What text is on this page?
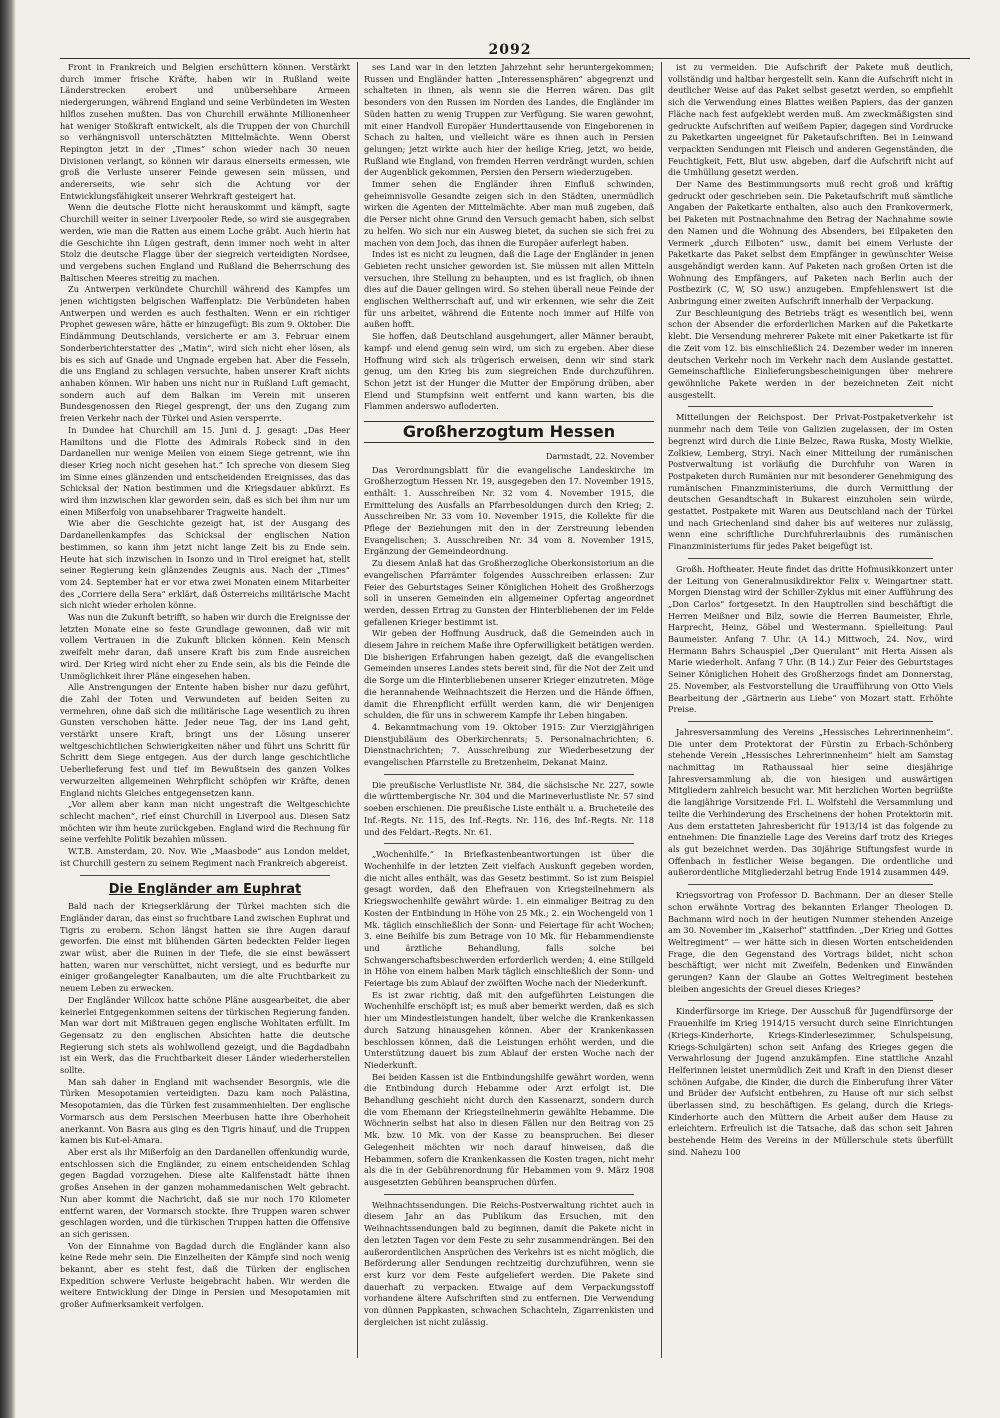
2092

Front in Frankreich und Belgien erschüttern können. Verstärkt durch immer frische Kräfte, haben wir in Rußland weite Länderstrecken erobert und unübersehbare Armeen niedergerungen, während England und seine Verbündeten im Westen hilflos zusehen mußten. Das von Churchill erwähnte Millionenheer hat weniger Stoßkraft entwickelt, als die Truppen der von Churchill so verhängnisvoll unterschätzten Mittelmächte. Wenn Oberst Repington jetzt in der „Times“ schon wieder nach 30 neuen Divisionen verlangt, so können wir daraus einerseits ermessen, wie groß die Verluste unserer Feinde gewesen sein müssen, und andererseits, wie sehr sich die Achtung vor der Entwicklungsfähigkeit unserer Wehrkraft gesteigert hat.

Wenn die deutsche Flotte nicht herauskommt und kämpft, sagte Churchill weiter in seiner Liverpooler Rede, so wird sie ausgegraben werden, wie man die Ratten aus einem Loche gräbt. Auch hierin hat die Geschichte ihn Lügen gestraft, denn immer noch weht in alter Stolz die deutsche Flagge über der siegreich verteidigten Nordsee, und vergebens suchen England und Rußland die Beherrschung des Baltischen Meeres streitig zu machen.

Zu Antwerpen verkündete Churchill während des Kampfes um jenen wichtigsten belgischen Waffenplatz: Die Verbündeten haben Antwerpen und werden es auch festhalten. Wenn er ein richtiger Prophet gewesen wäre, hätte er hinzugefügt: Bis zum 9. Oktober. Die Eindämmung Deutschlands, versicherte er am 3. Februar einem Sonderberichterstatter des „Matin“, wird sich nicht eher lösen, als bis es sich auf Gnade und Ungnade ergeben hat. Aber die Fesseln, die uns England zu schlagen versuchte, haben unserer Kraft nichts anhaben können. Wir haben uns nicht nur in Rußland Luft gemacht, sondern auch auf dem Balkan im Verein mit unseren Bundesgenossen den Riegel gesprengt, der uns den Zugang zum freien Verkehr nach der Türkei und Asien versperrte.

In Dundee hat Churchill am 15. Juni d. J. gesagt: „Das Heer Hamiltons und die Flotte des Admirals Robeck sind in den Dardanellen nur wenige Meilen von einem Siege getrennt, wie ihn dieser Krieg noch nicht gesehen hat.“ Ich spreche von diesem Sieg im Sinne eines glänzenden und entscheidenden Ereignisses, das das Schicksal der Nation bestimmen und die Kriegsdauer abkürzt. Es wird ihm inzwischen klar geworden sein, daß es sich bei ihm nur um einen Mißerfolg von unabsehbarer Tragweite handelt.

Wie aber die Geschichte gezeigt hat, ist der Ausgang des Dardanellenkampfes das Schicksal der englischen Nation bestimmen, so kann ihm jetzt nicht lange Zeit bis zu Ende sein. Heute hat sich inzwischen in Isonzo und in Tirol ereignet hat, stellt seiner Regierung kein glänzendes Zeugnis aus. Nach der „Times“ vom 24. September hat er vor etwa zwei Monaten einem Mitarbeiter des „Corriere della Sera“ erklärt, daß Österreichs militärische Macht sich nicht wieder erholen könne.

Was nun die Zukunft betrifft, so haben wir durch die Ereignisse der letzten Monate eine so feste Grundlage gewonnen, daß wir mit vollem Vertrauen in die Zukunft blicken können. Kein Mensch zweifelt mehr daran, daß unsere Kraft bis zum Ende ausreichen wird. Der Krieg wird nicht eher zu Ende sein, als bis die Feinde die Unmöglichkeit ihrer Pläne eingesehen haben.

Alle Anstrengungen der Entente haben bisher nur dazu geführt, die Zahl der Toten und Verwundeten auf beiden Seiten zu vermehren, ohne daß sich die militärische Lage wesentlich zu ihren Gunsten verschoben hätte. Jeder neue Tag, der ins Land geht, verstärkt unsere Kraft, bringt uns der Lösung unserer weltgeschichtlichen Schwierigkeiten näher und führt uns Schritt für Schritt dem Siege entgegen. Aus der durch lange geschichtliche Ueberlieferung fest und tief im Bewußtsein des ganzen Volkes verwurzelten allgemeinen Wehrpflicht schöpfen wir Kräfte, denen England nichts Gleiches entgegensetzen kann.

„Vor allem aber kann man nicht ungestraft die Weltgeschichte schlecht machen“, rief einst Churchill in Liverpool aus. Diesen Satz möchten wir ihm heute zurückgeben. England wird die Rechnung für seine verfehlte Politik bezahlen müssen.

W.T.B. Amsterdam, 20. Nov. Wie „Maasbode“ aus London meldet, ist Churchill gestern zu seinem Regiment nach Frankreich abgereist.

Die Engländer am Euphrat

Bald nach der Kriegserklärung der Türkei machten sich die Engländer daran, das einst so fruchtbare Land zwischen Euphrat und Tigris zu erobern. Schon längst hatten sie ihre Augen darauf geworfen. Die einst mit blühenden Gärten bedeckten Felder liegen zwar wüst, aber die Ruinen in der Tiefe, die sie einst bewässert hatten, waren nur verschüttet, nicht versiegt, und es bedurfte nur einiger großangelegter Kanalbauten, um die alte Fruchtbarkeit zu neuem Leben zu erwecken.

Der Engländer Willcox hatte schöne Pläne ausgearbeitet, die aber keinerlei Entgegenkommen seitens der türkischen Regierung fanden. Man war dort mit Mißtrauen gegen englische Wohltaten erfüllt. Im Gegensatz zu den englischen Absichten hatte die deutsche Regierung sich stets als wohlwollend gezeigt, und die Bagdadbahn ist ein Werk, das die Fruchtbarkeit dieser Länder wiederherstellen sollte.

Man sah daher in England mit wachsender Besorgnis, wie die Türken Mesopotamien verteidigten. Dazu kam noch Palästina, Mesopotamien, das die Türken fest zusammenhielten. Der englische Vormarsch aus dem Persischen Meerbusen hatte ihre Oberhoheit anerkannt. Von Basra aus ging es den Tigris hinauf, und die Truppen kamen bis Kut-el-Amara.

Aber erst als ihr Mißerfolg an den Dardanellen offenkundig wurde, entschlossen sich die Engländer, zu einem entscheidenden Schlag gegen Bagdad vorzugehen. Diese alte Kalifenstadt hätte ihnen großes Ansehen in der ganzen mohammedanischen Welt gebracht. Nun aber kommt die Nachricht, daß sie nur noch 170 Kilometer entfernt waren, der Vormarsch stockte. Ihre Truppen waren schwer geschlagen worden, und die türkischen Truppen hatten die Offensive an sich gerissen.

Von der Einnahme von Bagdad durch die Engländer kann also keine Rede mehr sein. Die Einzelheiten der Kämpfe sind noch wenig bekannt, aber es steht fest, daß die Türken der englischen Expedition schwere Verluste beigebracht haben. Wir werden die weitere Entwicklung der Dinge in Persien und Mesopotamien mit großer Aufmerksamkeit verfolgen.

ses Land war in den letzten Jahrzehnt sehr heruntergekommen; Russen und Engländer hatten „Interessensphären“ abgegrenzt und schalteten in ihnen, als wenn sie die Herren wären. Das gilt besonders von den Russen im Norden des Landes, die Engländer im Süden hatten zu wenig Truppen zur Verfügung. Sie waren gewohnt, mit einer Handvoll Europäer Hunderttausende von Eingeborenen in Schach zu halten, und vielleicht wäre es ihnen auch in Persien gelungen; jetzt wirkte auch hier der heilige Krieg, jetzt, wo beide, Rußland wie England, von fremden Herren verdrängt wurden, schien der Augenblick gekommen, Persien den Persern wiederzugeben.

Immer sehen die Engländer ihren Einfluß schwinden, geheimnisvolle Gesandte zeigen sich in den Städten, unermüdlich wirken die Agenten der Mittelmächte. Aber man muß zugeben, daß die Perser nicht ohne Grund den Versuch gemacht haben, sich selbst zu helfen. Wo sich nur ein Ausweg bietet, da suchen sie sich frei zu machen von dem Joch, das ihnen die Europäer auferlegt haben.

Indes ist es nicht zu leugnen, daß die Lage der Engländer in jenen Gebieten recht unsicher geworden ist. Sie müssen mit allen Mitteln versuchen, ihre Stellung zu behaupten, und es ist fraglich, ob ihnen dies auf die Dauer gelingen wird. So stehen überall neue Feinde der englischen Weltherrschaft auf, und wir erkennen, wie sehr die Zeit für uns arbeitet, während die Entente noch immer auf Hilfe von außen hofft.

Sie hoffen, daß Deutschland ausgehungert, aller Männer beraubt, kampf- und elend genug sein wird, um sich zu ergeben. Aber diese Hoffnung wird sich als trügerisch erweisen, denn wir sind stark genug, um den Krieg bis zum siegreichen Ende durchzuführen. Schon jetzt ist der Hunger die Mutter der Empörung drüben, aber Elend und Stumpfsinn weit entfernt und kann warten, bis die Flammen anderswo aufloderten.

Großherzogtum Hessen
Darmstadt, 22. November

Das Verordnungsblatt für die evangelische Landeskirche im Großherzogtum Hessen Nr. 19, ausgegeben den 17. November 1915, enthält: 1. Ausschreiben Nr. 32 vom 4. November 1915, die Ermittelung des Ausfalls an Pfarrbesoldungen durch den Krieg; 2. Ausschreiben Nr. 33 vom 10. November 1915, die Kollekte für die Pflege der Beziehungen mit den in der Zerstreuung lebenden Evangelischen; 3. Ausschreiben Nr. 34 vom 8. November 1915, Ergänzung der Gemeindeordnung.

Zu diesem Anlaß hat das Großherzogliche Oberkonsistorium an die evangelischen Pfarrämter folgendes Ausschreiben erlassen: Zur Feier des Geburtstages Seiner Königlichen Hoheit des Großherzogs soll in unseren Gemeinden ein allgemeiner Opfertag angeordnet werden, dessen Ertrag zu Gunsten der Hinterbliebenen der im Felde gefallenen Krieger bestimmt ist.

Wir geben der Hoffnung Ausdruck, daß die Gemeinden auch in diesem Jahre in reichem Maße ihre Opferwilligkeit betätigen werden. Die bisherigen Erfahrungen haben gezeigt, daß die evangelischen Gemeinden unseres Landes stets bereit sind, für die Not der Zeit und die Sorge um die Hinterbliebenen unserer Krieger einzutreten. Möge die herannahende Weihnachtszeit die Herzen und die Hände öffnen, damit die Ehrenpflicht erfüllt werden kann, die wir Denjenigen schulden, die für uns in schwerem Kampfe ihr Leben hingaben.

4. Bekanntmachung vom 19. Oktober 1915: Zur Vierzigjährigen Dienstjubiläum des Oberkirchenrats; 5. Personalnachrichten; 6. Dienstnachrichten; 7. Ausschreibung zur Wiederbesetzung der evangelischen Pfarrstelle zu Bretzenheim, Dekanat Mainz.

Die preußische Verlustliste Nr. 384, die sächsische Nr. 227, sowie die württembergische Nr. 304 und die Marineverlustliste Nr. 57 sind soeben erschienen. Die preußische Liste enthält u. a. Brucheteile des Inf.-Regts. Nr. 115, des Inf.-Regts. Nr. 116, des Inf.-Regts. Nr. 118 und des Feldart.-Regts. Nr. 61.

„Wochenhilfe.“ In Briefkastenbeantwortungen ist über die Wochenhilfe in der letzten Zeit vielfach Auskunft gegeben worden, die nicht alles enthält, was das Gesetz bestimmt. So ist zum Beispiel gesagt worden, daß den Ehefrauen von Kriegsteilnehmern als Kriegswochenhilfe gewährt würde: 1. ein einmaliger Beitrag zu den Kosten der Entbindung in Höhe von 25 Mk.; 2. ein Wochengeld von 1 Mk. täglich einschließlich der Sonn- und Feiertage für acht Wochen; 3. eine Beihilfe bis zum Betrage von 10 Mk. für Hebammendienste und ärztliche Behandlung, falls solche bei Schwangerschaftsbeschwerden erforderlich werden; 4. eine Stillgeld in Höhe von einem halben Mark täglich einschließlich der Sonn- und Feiertage bis zum Ablauf der zwölften Woche nach der Niederkunft.

Es ist zwar richtig, daß mit den aufgeführten Leistungen die Wochenhilfe erschöpft ist; es muß aber bemerkt werden, daß es sich hier um Mindestleistungen handelt, über welche die Krankenkassen durch Satzung hinausgehen können. Aber der Krankenkassen beschlossen können, daß die Leistungen erhöht werden, und die Unterstützung dauert bis zum Ablauf der ersten Woche nach der Niederkunft.

Bei beiden Kassen ist die Entbindungshilfe gewährt worden, wenn die Entbindung durch Hebamme oder Arzt erfolgt ist. Die Behandlung geschieht nicht durch den Kassenarzt, sondern durch die vom Ehemann der Kriegsteilnehmerin gewählte Hebamme. Die Wöchnerin selbst hat also in diesen Fällen nur den Beitrag von 25 Mk. bzw. 10 Mk. von der Kasse zu beanspruchen. Bei dieser Gelegenheit möchten wir noch darauf hinweisen, daß die Hebammen, sofern die Krankenkassen die Kosten tragen, nicht mehr als die in der Gebührenordnung für Hebammen vom 9. März 1908 ausgesetzten Gebühren beanspruchen dürfen.

Weihnachtssendungen. Die Reichs-Postverwaltung richtet auch in diesem Jahr an das Publikum das Ersuchen, mit den Weihnachtssendungen bald zu beginnen, damit die Pakete nicht in den letzten Tagen vor dem Feste zu sehr zusammendrängen. Bei den außerordentlichen Ansprüchen des Verkehrs ist es nicht möglich, die Beförderung aller Sendungen rechtzeitig durchzuführen, wenn sie erst kurz vor dem Feste aufgeliefert werden. Die Pakete sind dauerhaft zu verpacken. Etwaige auf dem Verpackungsstoff vorhandene ältere Aufschriften sind zu entfernen. Die Verwendung von dünnen Pappkasten, schwachen Schachteln, Zigarrenkisten und dergleichen ist nicht zulässig.

ist zu vermeiden. Die Aufschrift der Pakete muß deutlich, vollständig und haltbar hergestellt sein. Kann die Aufschrift nicht in deutlicher Weise auf das Paket selbst gesetzt werden, so empfiehlt sich die Verwendung eines Blattes weißen Papiers, das der ganzen Fläche nach fest aufgeklebt werden muß. Am zweckmäßigsten sind gedruckte Aufschriften auf weißem Papier, dagegen sind Vordrucke zu Paketkarten ungeeignet für Paketaufschriften. Bei in Leinwand verpackten Sendungen mit Fleisch und anderen Gegenständen, die Feuchtigkeit, Fett, Blut usw. abgeben, darf die Aufschrift nicht auf die Umhüllung gesetzt werden.

Der Name des Bestimmungsorts muß recht groß und kräftig gedruckt oder geschrieben sein. Die Paketaufschrift muß sämtliche Angaben der Paketkarte enthalten, also auch den Frankovermerk, bei Paketen mit Postnachnahme den Betrag der Nachnahme sowie den Namen und die Wohnung des Absenders, bei Eilpaketen den Vermerk „durch Eilboten“ usw., damit bei einem Verluste der Paketkarte das Paket selbst dem Empfänger in gewünschter Weise ausgehändigt werden kann. Auf Paketen nach großen Orten ist die Wohnung des Empfängers, auf Paketen nach Berlin auch der Postbezirk (C, W, SO usw.) anzugeben. Empfehlenswert ist die Anbringung einer zweiten Aufschrift innerhalb der Verpackung.

Zur Beschleunigung des Betriebs trägt es wesentlich bei, wenn schon der Absender die erforderlichen Marken auf die Paketkarte klebt. Die Versendung mehrerer Pakete mit einer Paketkarte ist für die Zeit vom 12. bis einschließlich 24. Dezember weder im inneren deutschen Verkehr noch im Verkehr nach dem Auslande gestattet. Gemeinschaftliche Einlieferungsbescheinigungen über mehrere gewöhnliche Pakete werden in der bezeichneten Zeit nicht ausgestellt.

Mitteilungen der Reichspost. Der Privat-Postpaketverkehr ist nunmehr nach dem Teile von Galizien zugelassen, der im Osten begrenzt wird durch die Linie Belzec, Rawa Ruska, Mosty Wielkie, Zolkiew, Lemberg, Stryi. Nach einer Mitteilung der rumänischen Postverwaltung ist vorläufig die Durchfuhr von Waren in Postpaketen durch Rumänien nur mit besonderer Genehmigung des rumänischen Finanzministeriums, die durch Vermittlung der deutschen Gesandtschaft in Bukarest einzuholen sein würde, gestattet. Postpakete mit Waren aus Deutschland nach der Türkei und nach Griechenland sind daher bis auf weiteres nur zulässig, wenn eine schriftliche Durchfuhrerlaubnis des rumänischen Finanzministeriums für jedes Paket beigefügt ist.

Großh. Hoftheater. Heute findet das dritte Hofmusikkonzert unter der Leitung von Generalmusikdirektor Felix v. Weingartner statt. Morgen Dienstag wird der Schiller-Zyklus mit einer Aufführung des „Don Carlos“ fortgesetzt. In den Hauptrollen sind beschäftigt die Herren Meißner und Bilz, sowie die Herren Baumeister, Ehrle, Harprecht, Heinz, Göbel und Westermann. Spielleitung: Paul Baumeister. Anfang 7 Uhr. (A 14.) Mittwoch, 24. Nov., wird Hermann Bahrs Schauspiel „Der Querulant“ mit Herta Aissen als Marie wiederholt. Anfang 7 Uhr. (B 14.) Zur Feier des Geburtstages Seiner Königlichen Hoheit des Großherzogs findet am Donnerstag, 25. November, als Festvorstellung die Uraufführung von Otto Viels Bearbeitung der „Gärtnerin aus Liebe“ von Mozart statt. Erhöhte Preise.

Jahresversammlung des Vereins „Hessisches Lehrerinnenheim“. Die unter dem Protektorat der Fürstin zu Erbach-Schönberg stehende Verein „Hessisches Lehrerinnenheim“ hielt am Samstag nachmittag im Rathaussaal hier seine diesjährige Jahresversammlung ab, die von hiesigen und auswärtigen Mitgliedern zahlreich besucht war. Mit herzlichen Worten begrüßte die langjährige Vorsitzende Frl. L. Wolfstehl die Versammlung und teilte die Verhinderung des Erscheinens der hohen Protektorin mit. Aus dem erstatteten Jahresbericht für 1913/14 ist das folgende zu entnehmen: Die finanzielle Lage des Vereins darf trotz des Krieges als gut bezeichnet werden. Das 30jährige Stiftungsfest wurde in Offenbach in festlicher Weise begangen. Die ordentliche und außerordentliche Mitgliederzahl betrug Ende 1914 zusammen 449.

Kriegsvortrag von Professor D. Bachmann. Der an dieser Stelle schon erwähnte Vortrag des bekannten Erlanger Theologen D. Bachmann wird noch in der heutigen Nummer stehenden Anzeige am 30. November im „Kaiserhof“ stattfinden. „Der Krieg und Gottes Weltregiment“ — wer hätte sich in diesen Worten entscheidenden Frage, die den Gegenstand des Vortrags bildet, nicht schon beschäftigt, wer nicht mit Zweifeln, Bedenken und Einwänden gerungen? Kann der Glaube an Gottes Weltregiment bestehen bleiben angesichts der Greuel dieses Krieges?

Kinderfürsorge im Kriege. Der Ausschuß für Jugendfürsorge der Frauenhilfe im Krieg 1914/15 versucht durch seine Einrichtungen (Kriegs-Kinderhorte, Kriegs-Kinderlesezimmer, Schulspeisung, Kriegs-Schulgärten) schon seit Anfang des Krieges gegen die Verwahrlosung der Jugend anzukämpfen. Eine stattliche Anzahl Helferinnen leistet unermüdlich Zeit und Kraft in den Dienst dieser schönen Aufgabe, die Kinder, die durch die Einberufung ihrer Väter und Brüder der Aufsicht entbehren, zu Hause oft nur sich selbst überlassen sind, zu beschäftigen. Es gelang, durch die Kriegs-Kinderhorte auch den Müttern die Arbeit außer dem Hause zu erleichtern. Erfreulich ist die Tatsache, daß das schon seit Jahren bestehende Heim des Vereins in der Müllerschule stets überfüllt sind. Nahezu 100
